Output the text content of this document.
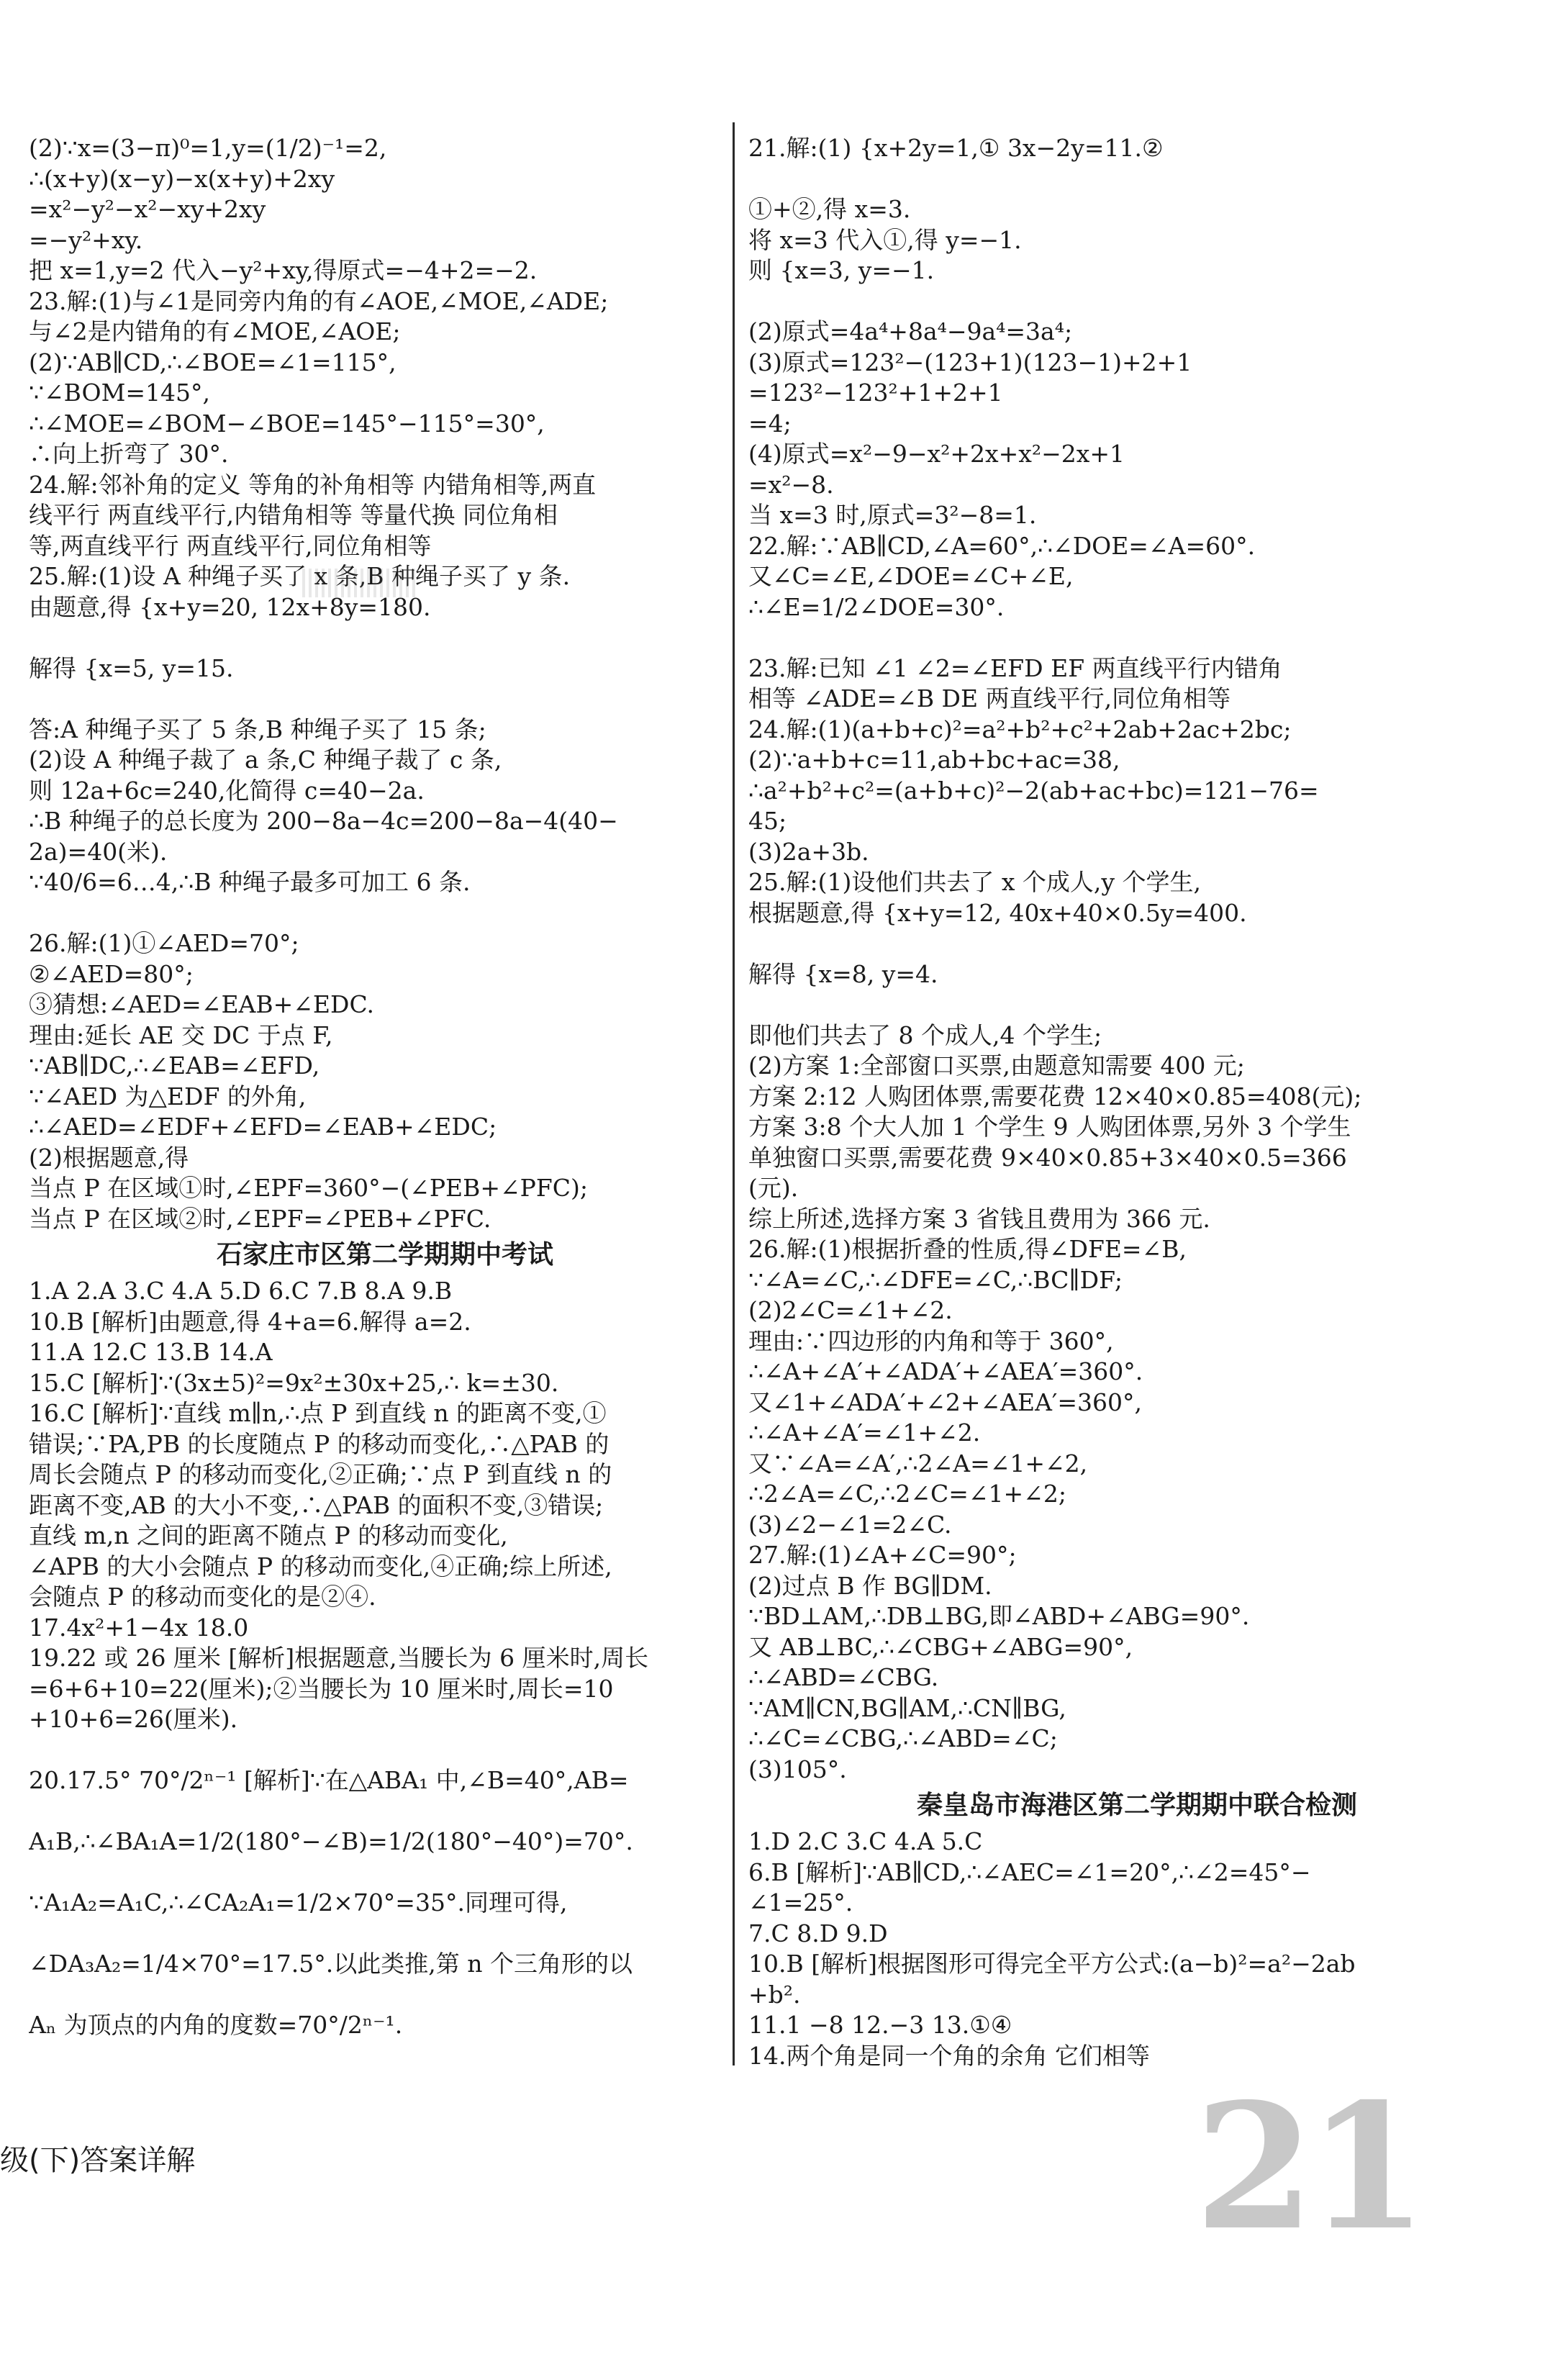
(2)∵x=(3−π)⁰=1,y=(1/2)⁻¹=2,
∴(x+y)(x−y)−x(x+y)+2xy
=x²−y²−x²−xy+2xy
=−y²+xy.
把 x=1,y=2 代入−y²+xy,得原式=−4+2=−2.
23.解:(1)与∠1是同旁内角的有∠AOE,∠MOE,∠ADE;
与∠2是内错角的有∠MOE,∠AOE;
(2)∵AB∥CD,∴∠BOE=∠1=115°,
∵∠BOM=145°,
∴∠MOE=∠BOM−∠BOE=145°−115°=30°,
∴向上折弯了 30°.
24.解:邻补角的定义 等角的补角相等 内错角相等,两直
线平行 两直线平行,内错角相等 等量代换 同位角相
等,两直线平行 两直线平行,同位角相等
25.解:(1)设 A 种绳子买了 x 条,B 种绳子买了 y 条.
由题意,得 {x+y=20, 12x+8y=180.
解得 {x=5, y=15.
答:A 种绳子买了 5 条,B 种绳子买了 15 条;
(2)设 A 种绳子裁了 a 条,C 种绳子裁了 c 条,
则 12a+6c=240,化简得 c=40−2a.
∴B 种绳子的总长度为 200−8a−4c=200−8a−4(40−
2a)=40(米).
∵40/6=6…4,∴B 种绳子最多可加工 6 条.
26.解:(1)①∠AED=70°;
②∠AED=80°;
③猜想:∠AED=∠EAB+∠EDC.
理由:延长 AE 交 DC 于点 F,
∵AB∥DC,∴∠EAB=∠EFD,
∵∠AED 为△EDF 的外角,
∴∠AED=∠EDF+∠EFD=∠EAB+∠EDC;
(2)根据题意,得
当点 P 在区域①时,∠EPF=360°−(∠PEB+∠PFC);
当点 P 在区域②时,∠EPF=∠PEB+∠PFC.
石家庄市区第二学期期中考试
1.A 2.A 3.C 4.A 5.D 6.C 7.B 8.A 9.B
10.B [解析]由题意,得 4+a=6.解得 a=2.
11.A 12.C 13.B 14.A
15.C [解析]∵(3x±5)²=9x²±30x+25,∴ k=±30.
16.C [解析]∵直线 m∥n,∴点 P 到直线 n 的距离不变,①
错误;∵PA,PB 的长度随点 P 的移动而变化,∴△PAB 的
周长会随点 P 的移动而变化,②正确;∵点 P 到直线 n 的
距离不变,AB 的大小不变,∴△PAB 的面积不变,③错误;
直线 m,n 之间的距离不随点 P 的移动而变化,
∠APB 的大小会随点 P 的移动而变化,④正确;综上所述,
会随点 P 的移动而变化的是②④.
17.4x²+1−4x 18.0
19.22 或 26 厘米 [解析]根据题意,当腰长为 6 厘米时,周长
=6+6+10=22(厘米);②当腰长为 10 厘米时,周长=10
+10+6=26(厘米).
20.17.5° 70°/2ⁿ⁻¹ [解析]∵在△ABA₁ 中,∠B=40°,AB=
A₁B,∴∠BA₁A=1/2(180°−∠B)=1/2(180°−40°)=70°.
∵A₁A₂=A₁C,∴∠CA₂A₁=1/2×70°=35°.同理可得,
∠DA₃A₂=1/4×70°=17.5°.以此类推,第 n 个三角形的以
Aₙ 为顶点的内角的度数=70°/2ⁿ⁻¹.
21.解:(1) {x+2y=1,① 3x−2y=11.②
①+②,得 x=3.
将 x=3 代入①,得 y=−1.
则 {x=3, y=−1.
(2)原式=4a⁴+8a⁴−9a⁴=3a⁴;
(3)原式=123²−(123+1)(123−1)+2+1
=123²−123²+1+2+1
=4;
(4)原式=x²−9−x²+2x+x²−2x+1
=x²−8.
当 x=3 时,原式=3²−8=1.
22.解:∵AB∥CD,∠A=60°,∴∠DOE=∠A=60°.
又∠C=∠E,∠DOE=∠C+∠E,
∴∠E=1/2∠DOE=30°.
23.解:已知 ∠1 ∠2=∠EFD EF 两直线平行内错角
相等 ∠ADE=∠B DE 两直线平行,同位角相等
24.解:(1)(a+b+c)²=a²+b²+c²+2ab+2ac+2bc;
(2)∵a+b+c=11,ab+bc+ac=38,
∴a²+b²+c²=(a+b+c)²−2(ab+ac+bc)=121−76=
45;
(3)2a+3b.
25.解:(1)设他们共去了 x 个成人,y 个学生,
根据题意,得 {x+y=12, 40x+40×0.5y=400.
解得 {x=8, y=4.
即他们共去了 8 个成人,4 个学生;
(2)方案 1:全部窗口买票,由题意知需要 400 元;
方案 2:12 人购团体票,需要花费 12×40×0.85=408(元);
方案 3:8 个大人加 1 个学生 9 人购团体票,另外 3 个学生
单独窗口买票,需要花费 9×40×0.85+3×40×0.5=366
(元).
综上所述,选择方案 3 省钱且费用为 366 元.
26.解:(1)根据折叠的性质,得∠DFE=∠B,
∵∠A=∠C,∴∠DFE=∠C,∴BC∥DF;
(2)2∠C=∠1+∠2.
理由:∵四边形的内角和等于 360°,
∴∠A+∠A′+∠ADA′+∠AEA′=360°.
又∠1+∠ADA′+∠2+∠AEA′=360°,
∴∠A+∠A′=∠1+∠2.
又∵∠A=∠A′,∴2∠A=∠1+∠2,
∴2∠A=∠C,∴2∠C=∠1+∠2;
(3)∠2−∠1=2∠C.
27.解:(1)∠A+∠C=90°;
(2)过点 B 作 BG∥DM.
∵BD⊥AM,∴DB⊥BG,即∠ABD+∠ABG=90°.
又 AB⊥BC,∴∠CBG+∠ABG=90°,
∴∠ABD=∠CBG.
∵AM∥CN,BG∥AM,∴CN∥BG,
∴∠C=∠CBG,∴∠ABD=∠C;
(3)105°.
秦皇岛市海港区第二学期期中联合检测
1.D 2.C 3.C 4.A 5.C
6.B [解析]∵AB∥CD,∴∠AEC=∠1=20°,∴∠2=45°−
∠1=25°.
7.C 8.D 9.D
10.B [解析]根据图形可得完全平方公式:(a−b)²=a²−2ab
+b².
11.1 −8 12.−3 13.①④
14.两个角是同一个角的余角 它们相等
级(下)答案详解	21
